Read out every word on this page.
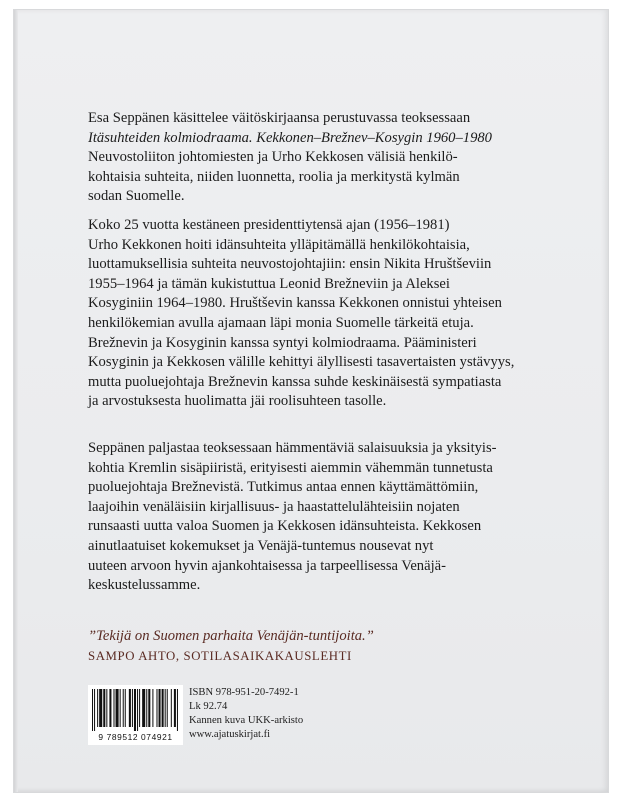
Esa Seppänen käsittelee väitöskirjaansa perustuvassa teoksessaan
Itäsuhteiden kolmiodraama. Kekkonen–Brežnev–Kosygin 1960–1980
Neuvostoliiton johtomiesten ja Urho Kekkosen välisiä henkilö-
kohtaisia suhteita, niiden luonnetta, roolia ja merkitystä kylmän
sodan Suomelle.
Koko 25 vuotta kestäneen presidenttiytensä ajan (1956–1981)
Urho Kekkonen hoiti idänsuhteita ylläpitämällä henkilökohtaisia,
luottamuksellisia suhteita neuvostojohtajiin: ensin Nikita Hruštševiin
1955–1964 ja tämän kukistuttua Leonid Brežneviin ja Aleksei
Kosyginiin 1964–1980. Hruštševin kanssa Kekkonen onnistui yhteisen
henkilökemian avulla ajamaan läpi monia Suomelle tärkeitä etuja.
Brežnevin ja Kosyginin kanssa syntyi kolmiodraama. Pääministeri
Kosyginin ja Kekkosen välille kehittyi älyllisesti tasavertaisten ystävyys,
mutta puoluejohtaja Brežnevin kanssa suhde keskinäisestä sympatiasta
ja arvostuksesta huolimatta jäi roolisuhteen tasolle.
Seppänen paljastaa teoksessaan hämmentäviä salaisuuksia ja yksityis-
kohtia Kremlin sisäpiiristä, erityisesti aiemmin vähemmän tunnetusta
puoluejohtaja Brežnevistä. Tutkimus antaa ennen käyttämättömiin,
laajoihin venäläisiin kirjallisuus- ja haastattelulähteisiin nojaten
runsaasti uutta valoa Suomen ja Kekkosen idänsuhteista. Kekkosen
ainutlaatuiset kokemukset ja Venäjä-tuntemus nousevat nyt
uuteen arvoon hyvin ajankohtaisessa ja tarpeellisessa Venäjä-
keskustelussamme.
”Tekijä on Suomen parhaita Venäjän-tuntijoita.”
SAMPO AHTO, SOTILASAIKAKAUSLEHTI
9 789512 074921
ISBN 978-951-20-7492-1
Lk 92.74
Kannen kuva UKK-arkisto
www.ajatuskirjat.fi
